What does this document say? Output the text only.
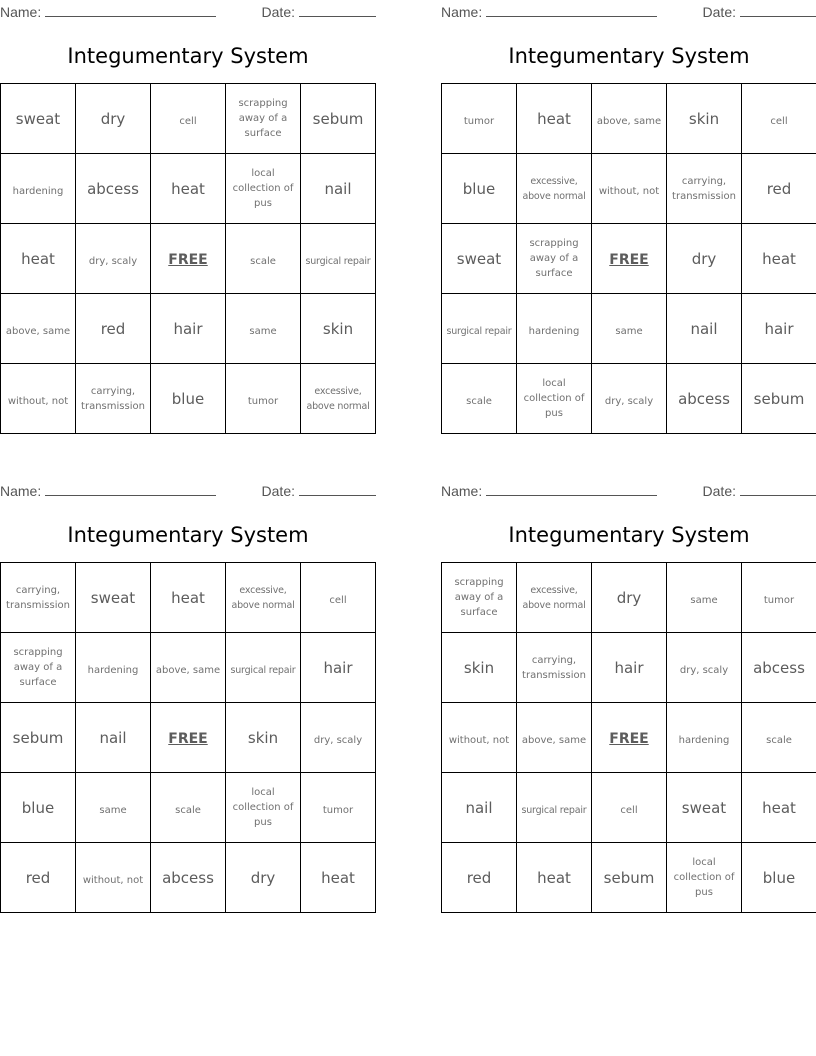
Name:	Date:
Integumentary System
sweat	dry	cell	scrapping away of a surface	sebum
hardening	abcess	heat	local collection of pus	nail
heat	dry, scaly	FREE	scale	surgical repair
above, same	red	hair	same	skin
without, not	carrying, transmission	blue	tumor	excessive, above normal
Name:	Date:
Integumentary System
tumor	heat	above, same	skin	cell
blue	excessive, above normal	without, not	carrying, transmission	red
sweat	scrapping away of a surface	FREE	dry	heat
surgical repair	hardening	same	nail	hair
scale	local collection of pus	dry, scaly	abcess	sebum
Name:	Date:
Integumentary System
carrying, transmission	sweat	heat	excessive, above normal	cell
scrapping away of a surface	hardening	above, same	surgical repair	hair
sebum	nail	FREE	skin	dry, scaly
blue	same	scale	local collection of pus	tumor
red	without, not	abcess	dry	heat
Name:	Date:
Integumentary System
scrapping away of a surface	excessive, above normal	dry	same	tumor
skin	carrying, transmission	hair	dry, scaly	abcess
without, not	above, same	FREE	hardening	scale
nail	surgical repair	cell	sweat	heat
red	heat	sebum	local collection of pus	blue
